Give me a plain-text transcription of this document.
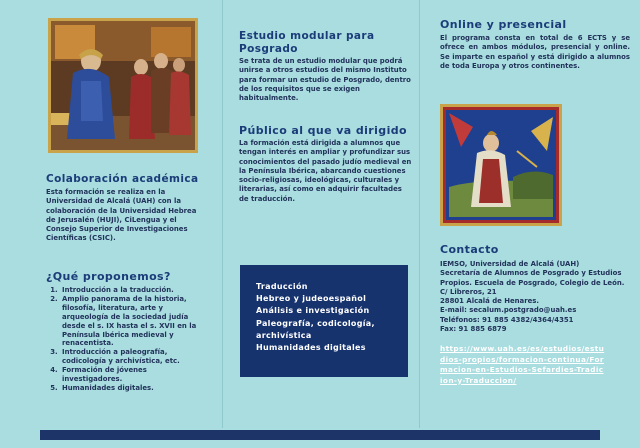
Colaboración académica

Esta formación se realiza en la Universidad de Alcalá (UAH) con la colaboración de la Universidad Hebrea de Jerusalén (HUJI), CiLengua y el Consejo Superior de Investigaciones Científicas (CSIC).

¿Qué proponemos?
1. Introducción a la traducción.
2. Amplio panorama de la historia, filosofía, literatura, arte y arqueología de la sociedad judía desde el s. IX hasta el s. XVII en la Península Ibérica medieval y renacentista.
3. Introducción a paleografía, codicología y archivística, etc.
4. Formación de jóvenes investigadores.
5. Humanidades digitales.
Estudio modular para Posgrado

Se trata de un estudio modular que podrá unirse a otros estudios del mismo Instituto para formar un estudio de Posgrado, dentro de los requisitos que se exigen habitualmente.

Público al que va dirigido

La formación está dirigida a alumnos que tengan interés en ampliar y profundizar sus conocimientos del pasado judío medieval en la Península Ibérica, abarcando cuestiones socio-religiosas, ideológicas, culturales y literarias, así como en adquirir facultades de traducción.

Traducción
Hebreo y judeoespañol
Análisis e investigación
Paleografía, codicología, archivística
Humanidades digitales
Online y presencial

El programa consta en total de 6 ECTS y se ofrece en ambos módulos, presencial y online. Se imparte en español y está dirigido a alumnos de toda Europa y otros continentes.

Contacto

IEMSO, Universidad de Alcalá (UAH)

Secretaría de Alumnos de Posgrado y Estudios Propios. Escuela de Posgrado, Colegio de León.

C/ Libreros, 21

28801 Alcalá de Henares.

E-mail: secalum.postgrado@uah.es

Teléfonos: 91 885 4382/4364/4351

Fax: 91 885 6879

https://www.uah.es/es/estudios/estudios-propios/formacion-continua/Formacion-en-Estudios-Sefardies-Tradicion-y-Traduccion/
